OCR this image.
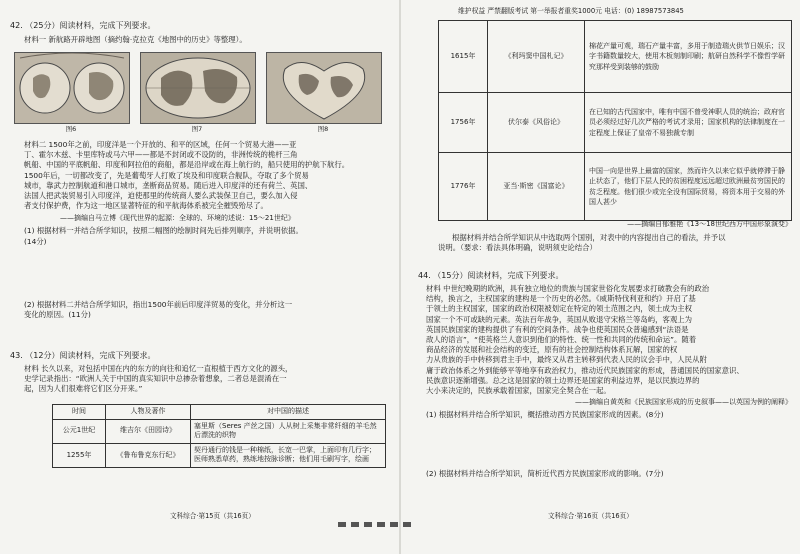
维护权益 严禁翻版考试 第一举报者重奖1000元 电话：(0) 18987573845
42. （25分）阅读材料，完成下列要求。
材料一 新航路开辟地图（摘约翰·克拉克《地图中的历史》等整理）。
图6	图7	图8
材料二 1500年之前，印度洋是一个开放的、和平的区域，任何一个贸易大港——亚
丁、霍尔木兹、卡里库特或马六甲——都是不封闭或不设防的，非洲传统的桅杆三角
帆船、中国的平底帆船、印度和阿拉伯的商船，都是沿岸或在海上航行的，船只使用的护航下航行。
1500年后，一切都改变了，先是葡萄牙人打败了埃及和印度联合舰队，夺取了多个贸易
城市，靠武力控制航道和港口城市，垄断商品贸易。随后进入印度洋的还有荷兰、英国、
法国人把武装贸易引入印度洋，迫使那里的传统商人要么武装保卫自己，要么加入侵
者支付保护费，作为这一地区显著特征的和平航海体系被完全摧毁殆尽了。
——摘编自马立博《现代世界的起源：全球的、环境的述说：15～21世纪》
(1) 根据材料一并结合所学知识，按照二幅图的绘制时间先后排列顺序，并说明依据。
(14分)
(2) 根据材料二并结合所学知识，指出1500年前后印度洋贸易的变化，并分析这一
变化的原因。(11分)
43. （12分）阅读材料，完成下列要求。
材料 长久以来，对包括中国在内的东方的向往和追忆一直根植于西方文化的源头，
史学记录指出：“欧洲人关于中国的真实知识中总掺杂着想象，二者总是混淆在一
起，因为人们很难将它们区分开来。”
时间	人物及著作	对中国的描述
公元1世纪	维吉尔《田园诗》	塞里斯（Seres 产丝之国）人从树上采集非常纤细的羊毛然后漂洗的织物
1255年	《鲁布鲁克东行纪》	契丹通行的钱是一种棉纸，长宽一巴掌，上面印有几行字；医师熟悉草药，熟练地按脉诊断；他们用毛刷写字，绘画
文科综合·第15页（共16页）
1615年	《利玛窦中国札记》	棉花产量可观，瑞石产量丰富，多用于制造瑞火供节日娱乐；汉字书籍数量较大，使用木板刻制印刷；航研自然科学不像哲学研究那样受到装够的鼓励
1756年	伏尔泰《风俗论》	在已知的古代国家中，唯有中国不曾受神职人员的统治；政府官员必须经过好几次严格的考试才录用；国家机构的法律制度在一定程度上保证了皇帝不易独裁专制
1776年	亚当·斯密《国富论》	中国一向是世界上最富的国家，然而许久以来它似乎就停滞于静止状态了，他们下层人民的贫困程度远远超过欧洲最贫穷国民的贫乏程度。他们很少或完全没有国际贸易，将资本用于交易的外国人甚少
——摘编自郁雅艳《13～18世纪西方中国形象演变》
根据材料并结合所学知识从中选取两个国别，对表中的内容提出自己的看法，并予以
说明。（要求：看法具体明确，说明须史论结合）
44. （15分）阅读材料，完成下列要求。
材料 中世纪晚期的欧洲，具有独立地位的贵族与国家世俗化发展要求打破教会有的政治
结构，换言之，主权国家的建构是一个历史的必然。《威斯特伐利亚和约》开启了基
于领土的主权国家，国家的政治权限被划定在特定的领土范围之内，领土成为主权
国家一个不可或缺的元素。英法百年战争，英国从败退守宋格兰等岛屿，客观上为
英国民族国家的建构提供了有利的空间条件。战争也使英国民众普遍感到“法语是
敌人的语言”，“使英格兰人意识到他们的特性、统一性和共同的传统和命运”。随着
商品经济的发展和社会结构的变迁，原有的社会控制结构体系瓦解，国家的权
力从贵族的手中转移到君主手中，最终又从君主转移到代表人民的议会手中，人民从附
庸于政治体系之外到能够平等地享有政治权力，推动近代民族国家的形成，普通国民的国家意识、
民族意识逐渐增强。总之这是国家的领土边界还是国家的利益边界，是以民族边界的
大小来决定的，民族承载着国家，国家完全契合在一起。
——摘编自黄英和《民族国家形成的历史叙事——以英国为例的阐释》
(1) 根据材料并结合所学知识，概括推动西方民族国家形成的因素。(8分)
(2) 根据材料并结合所学知识，简析近代西方民族国家形成的影响。(7分)
文科综合·第16页（共16页）
